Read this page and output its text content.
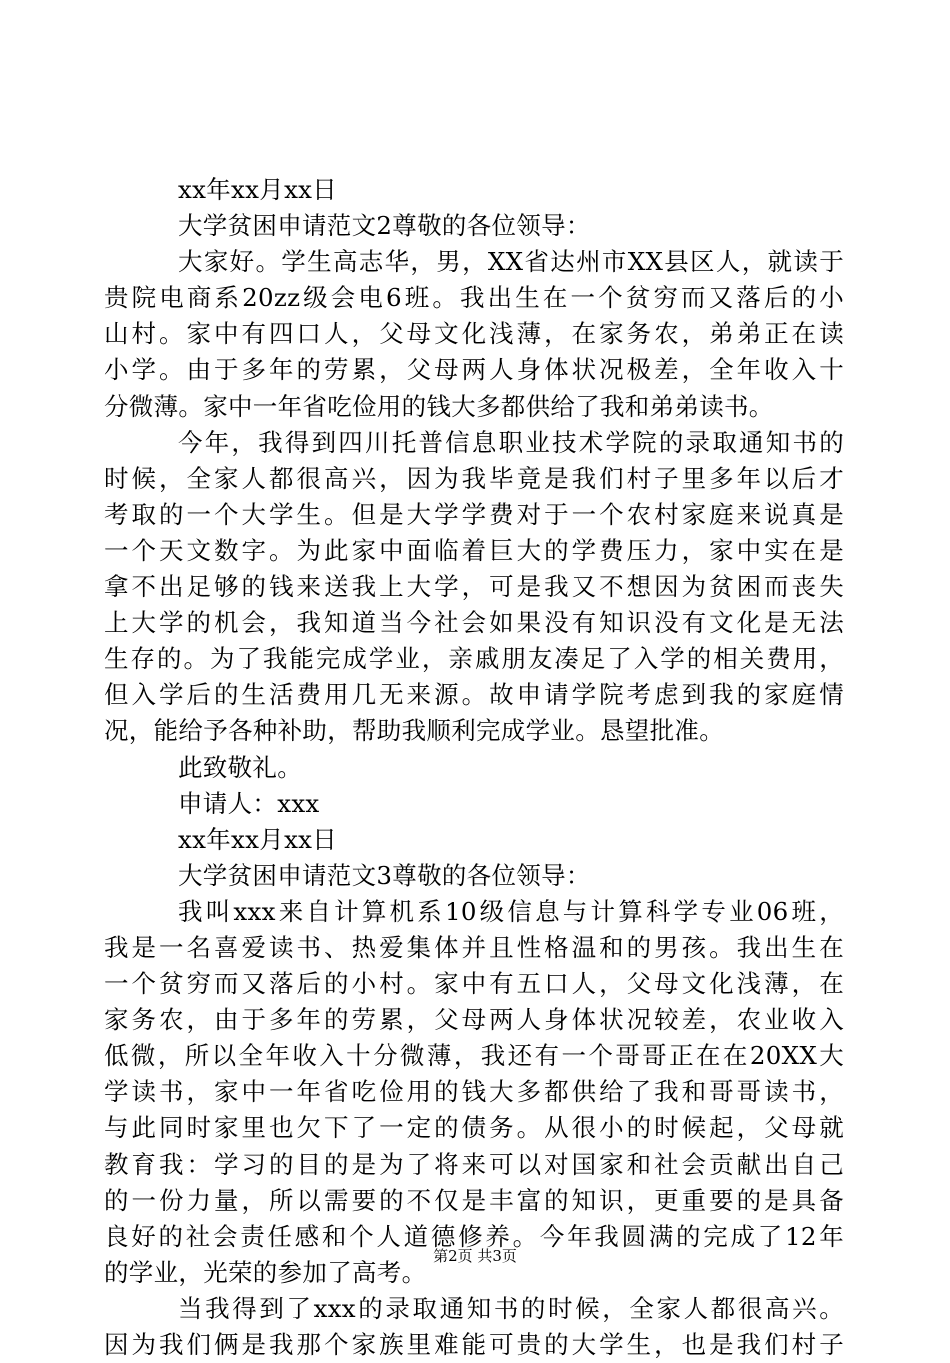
xx年xx月xx日
大学贫困申请范文2尊敬的各位领导：
大家好。学生高志华，男，XX省达州市XX县区人，就读于
贵院电商系20zz级会电6班。我出生在一个贫穷而又落后的小
山村。家中有四口人，父母文化浅薄，在家务农，弟弟正在读
小学。由于多年的劳累，父母两人身体状况极差，全年收入十
分微薄。家中一年省吃俭用的钱大多都供给了我和弟弟读书。
今年，我得到四川托普信息职业技术学院的录取通知书的
时候，全家人都很高兴，因为我毕竟是我们村子里多年以后才
考取的一个大学生。但是大学学费对于一个农村家庭来说真是
一个天文数字。为此家中面临着巨大的学费压力，家中实在是
拿不出足够的钱来送我上大学，可是我又不想因为贫困而丧失
上大学的机会，我知道当今社会如果没有知识没有文化是无法
生存的。为了我能完成学业，亲戚朋友凑足了入学的相关费用，
但入学后的生活费用几无来源。故申请学院考虑到我的家庭情
况，能给予各种补助，帮助我顺利完成学业。恳望批准。
此致敬礼。
申请人：xxx
xx年xx月xx日
大学贫困申请范文3尊敬的各位领导：
我叫xxx来自计算机系10级信息与计算科学专业06班，
我是一名喜爱读书、热爱集体并且性格温和的男孩。我出生在
一个贫穷而又落后的小村。家中有五口人，父母文化浅薄，在
家务农，由于多年的劳累，父母两人身体状况较差，农业收入
低微，所以全年收入十分微薄，我还有一个哥哥正在在20XX大
学读书，家中一年省吃俭用的钱大多都供给了我和哥哥读书，
与此同时家里也欠下了一定的债务。从很小的时候起，父母就
教育我：学习的目的是为了将来可以对国家和社会贡献出自己
的一份力量，所以需要的不仅是丰富的知识，更重要的是具备
良好的社会责任感和个人道德修养。今年我圆满的完成了12年
的学业，光荣的参加了高考。
当我得到了xxx的录取通知书的时候，全家人都很高兴。
因为我们俩是我那个家族里难能可贵的大学生，也是我们村子
第2页 共3页
